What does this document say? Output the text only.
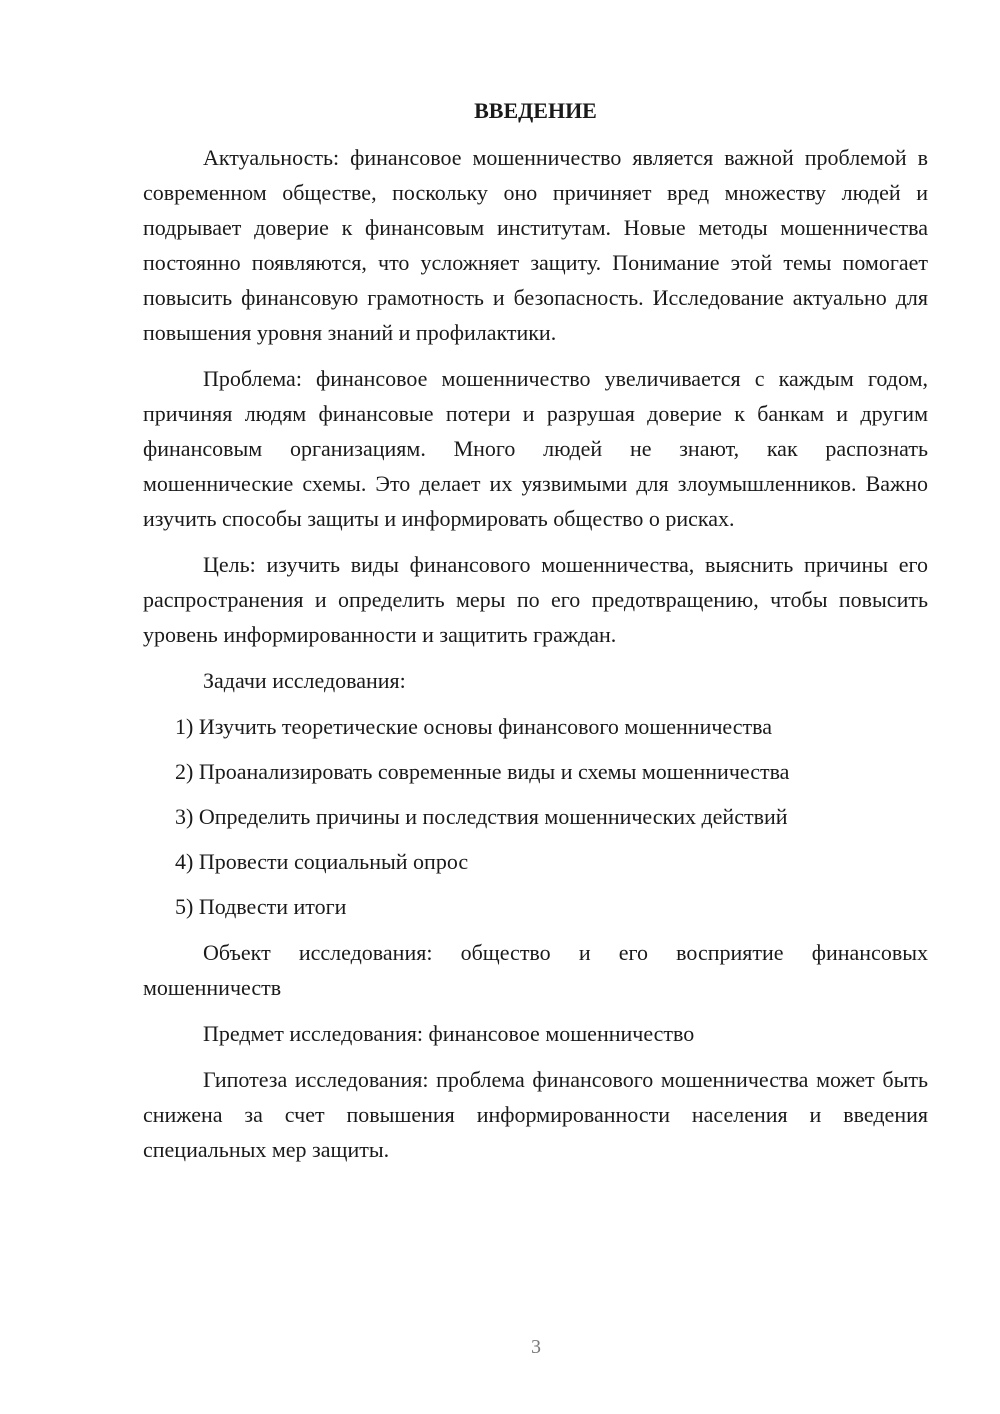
ВВЕДЕНИЕ

Актуальность: финансовое мошенничество является важной проблемой в современном обществе, поскольку оно причиняет вред множеству людей и подрывает доверие к финансовым институтам. Новые методы мошенничества постоянно появляются, что усложняет защиту. Понимание этой темы помогает повысить финансовую грамотность и безопасность. Исследование актуально для повышения уровня знаний и профилактики.

Проблема: финансовое мошенничество увеличивается с каждым годом, причиняя людям финансовые потери и разрушая доверие к банкам и другим финансовым организациям. Много людей не знают, как распознать мошеннические схемы. Это делает их уязвимыми для злоумышленников. Важно изучить способы защиты и информировать общество о рисках.

Цель: изучить виды финансового мошенничества, выяснить причины его распространения и определить меры по его предотвращению, чтобы повысить уровень информированности и защитить граждан.

Задачи исследования:

1) Изучить теоретические основы финансового мошенничества
2) Проанализировать современные виды и схемы мошенничества
3) Определить причины и последствия мошеннических действий
4) Провести социальный опрос
5) Подвести итоги

Объект исследования: общество и его восприятие финансовых мошенничеств

Предмет исследования: финансовое мошенничество

Гипотеза исследования: проблема финансового мошенничества может быть снижена за счет повышения информированности населения и введения специальных мер защиты.

3
